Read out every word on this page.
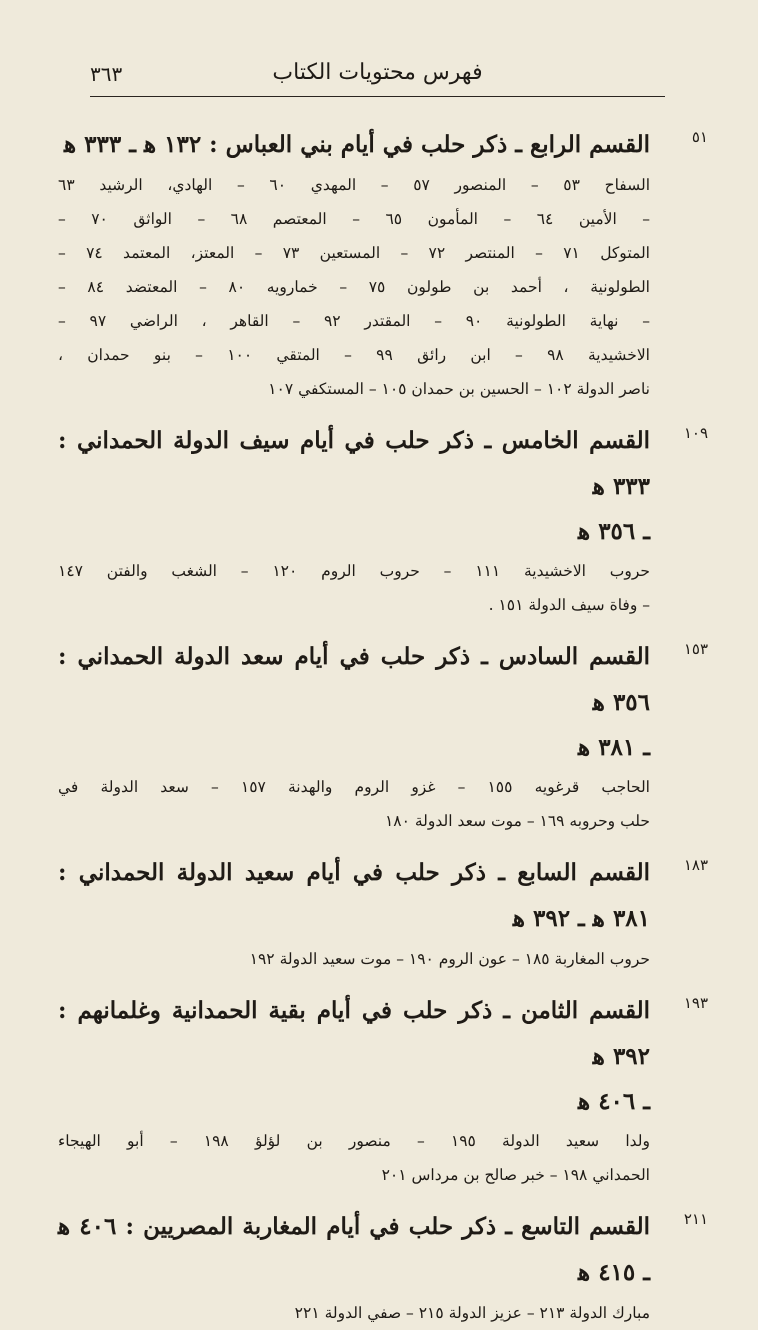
٣٦٣	فهرس محتويات الكتاب
٥١
القسم الرابع ـ ذكر حلب في أيام بني العباس : ١٣٢ ﻫ ـ ٣٣٣ ﻫ
السفاح ٥٣ – المنصور ٥٧ – المهدي ٦٠ – الهادي، الرشيد ٦٣
– الأمين ٦٤ – المأمون ٦٥ – المعتصم ٦٨ – الواثق ٧٠ –
المتوكل ٧١ – المنتصر ٧٢ – المستعين ٧٣ – المعتز، المعتمد ٧٤ –
الطولونية ، أحمد بن طولون ٧٥ – خمارويه ٨٠ – المعتضد ٨٤ –
– نهاية الطولونية ٩٠ – المقتدر ٩٢ – القاهر ، الراضي ٩٧ –
الاخشيدية ٩٨ – ابن رائق ٩٩ – المتقي ١٠٠ – بنو حمدان ،
ناصر الدولة ١٠٢ – الحسين بن حمدان ١٠٥ – المستكفي ١٠٧
١٠٩
القسم الخامس ـ ذكر حلب في أيام سيف الدولة الحمداني : ٣٣٣ ﻫ
ـ ٣٥٦ ﻫ
حروب الاخشيدية ١١١ – حروب الروم ١٢٠ – الشغب والفتن ١٤٧
– وفاة سيف الدولة ١٥١ .
١٥٣
القسم السادس ـ ذكر حلب في أيام سعد الدولة الحمداني : ٣٥٦ ﻫ
ـ ٣٨١ ﻫ
الحاجب قرغويه ١٥٥ – غزو الروم والهدنة ١٥٧ – سعد الدولة في
حلب وحروبه ١٦٩ – موت سعد الدولة ١٨٠
١٨٣
القسم السابع ـ ذكر حلب في أيام سعيد الدولة الحمداني : ٣٨١ ﻫ ـ ٣٩٢ ﻫ
حروب المغاربة ١٨٥ – عون الروم ١٩٠ – موت سعيد الدولة ١٩٢
١٩٣
القسم الثامن ـ ذكر حلب في أيام بقية الحمدانية وغلمانهم : ٣٩٢ ﻫ
ـ ٤٠٦ ﻫ
ولدا سعيد الدولة ١٩٥ – منصور بن لؤلؤ ١٩٨ – أبو الهيجاء
الحمداني ١٩٨ – خبر صالح بن مرداس ٢٠١
٢١١
القسم التاسع ـ ذكر حلب في أيام المغاربة المصريين : ٤٠٦ ﻫ ـ ٤١٥ ﻫ
مبارك الدولة ٢١٣ – عزيز الدولة ٢١٥ – صفي الدولة ٢٢١
